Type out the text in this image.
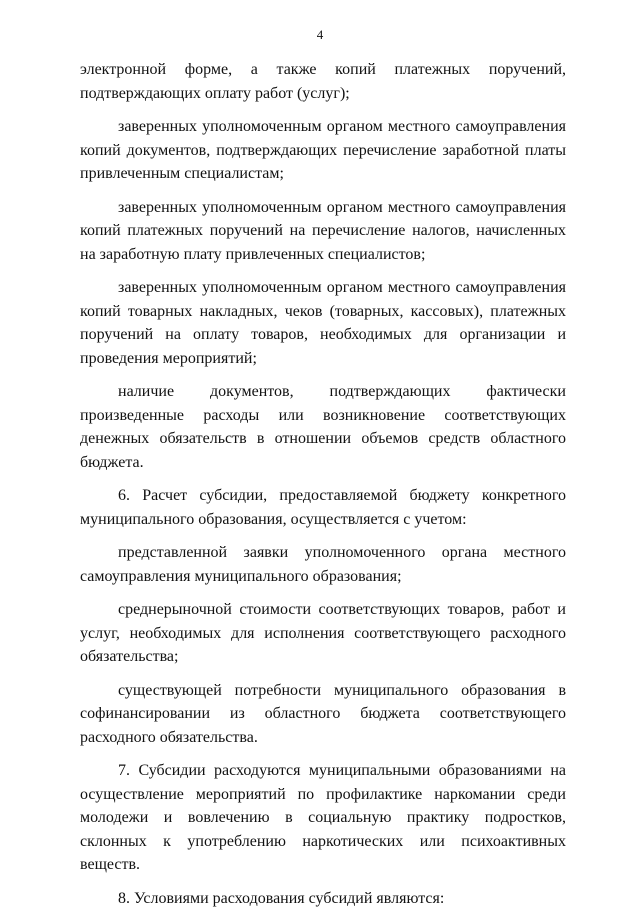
4

электронной форме, а также копий платежных поручений, подтверждающих оплату работ (услуг);

заверенных уполномоченным органом местного самоуправления копий документов, подтверждающих перечисление заработной платы привлеченным специалистам;

заверенных уполномоченным органом местного самоуправления копий платежных поручений на перечисление налогов, начисленных на заработную плату привлеченных специалистов;

заверенных уполномоченным органом местного самоуправления копий товарных накладных, чеков (товарных, кассовых), платежных поручений на оплату товаров, необходимых для организации и проведения мероприятий;

наличие документов, подтверждающих фактически произведенные расходы или возникновение соответствующих денежных обязательств в отношении объемов средств областного бюджета.

6. Расчет субсидии, предоставляемой бюджету конкретного муниципального образования, осуществляется с учетом:

представленной заявки уполномоченного органа местного самоуправления муниципального образования;

среднерыночной стоимости соответствующих товаров, работ и услуг, необходимых для исполнения соответствующего расходного обязательства;

существующей потребности муниципального образования в софинансировании из областного бюджета соответствующего расходного обязательства.

7. Субсидии расходуются муниципальными образованиями на осуществление мероприятий по профилактике наркомании среди молодежи и вовлечению в социальную практику подростков, склонных к употреблению наркотических или психоактивных веществ.

8. Условиями расходования субсидий являются:
